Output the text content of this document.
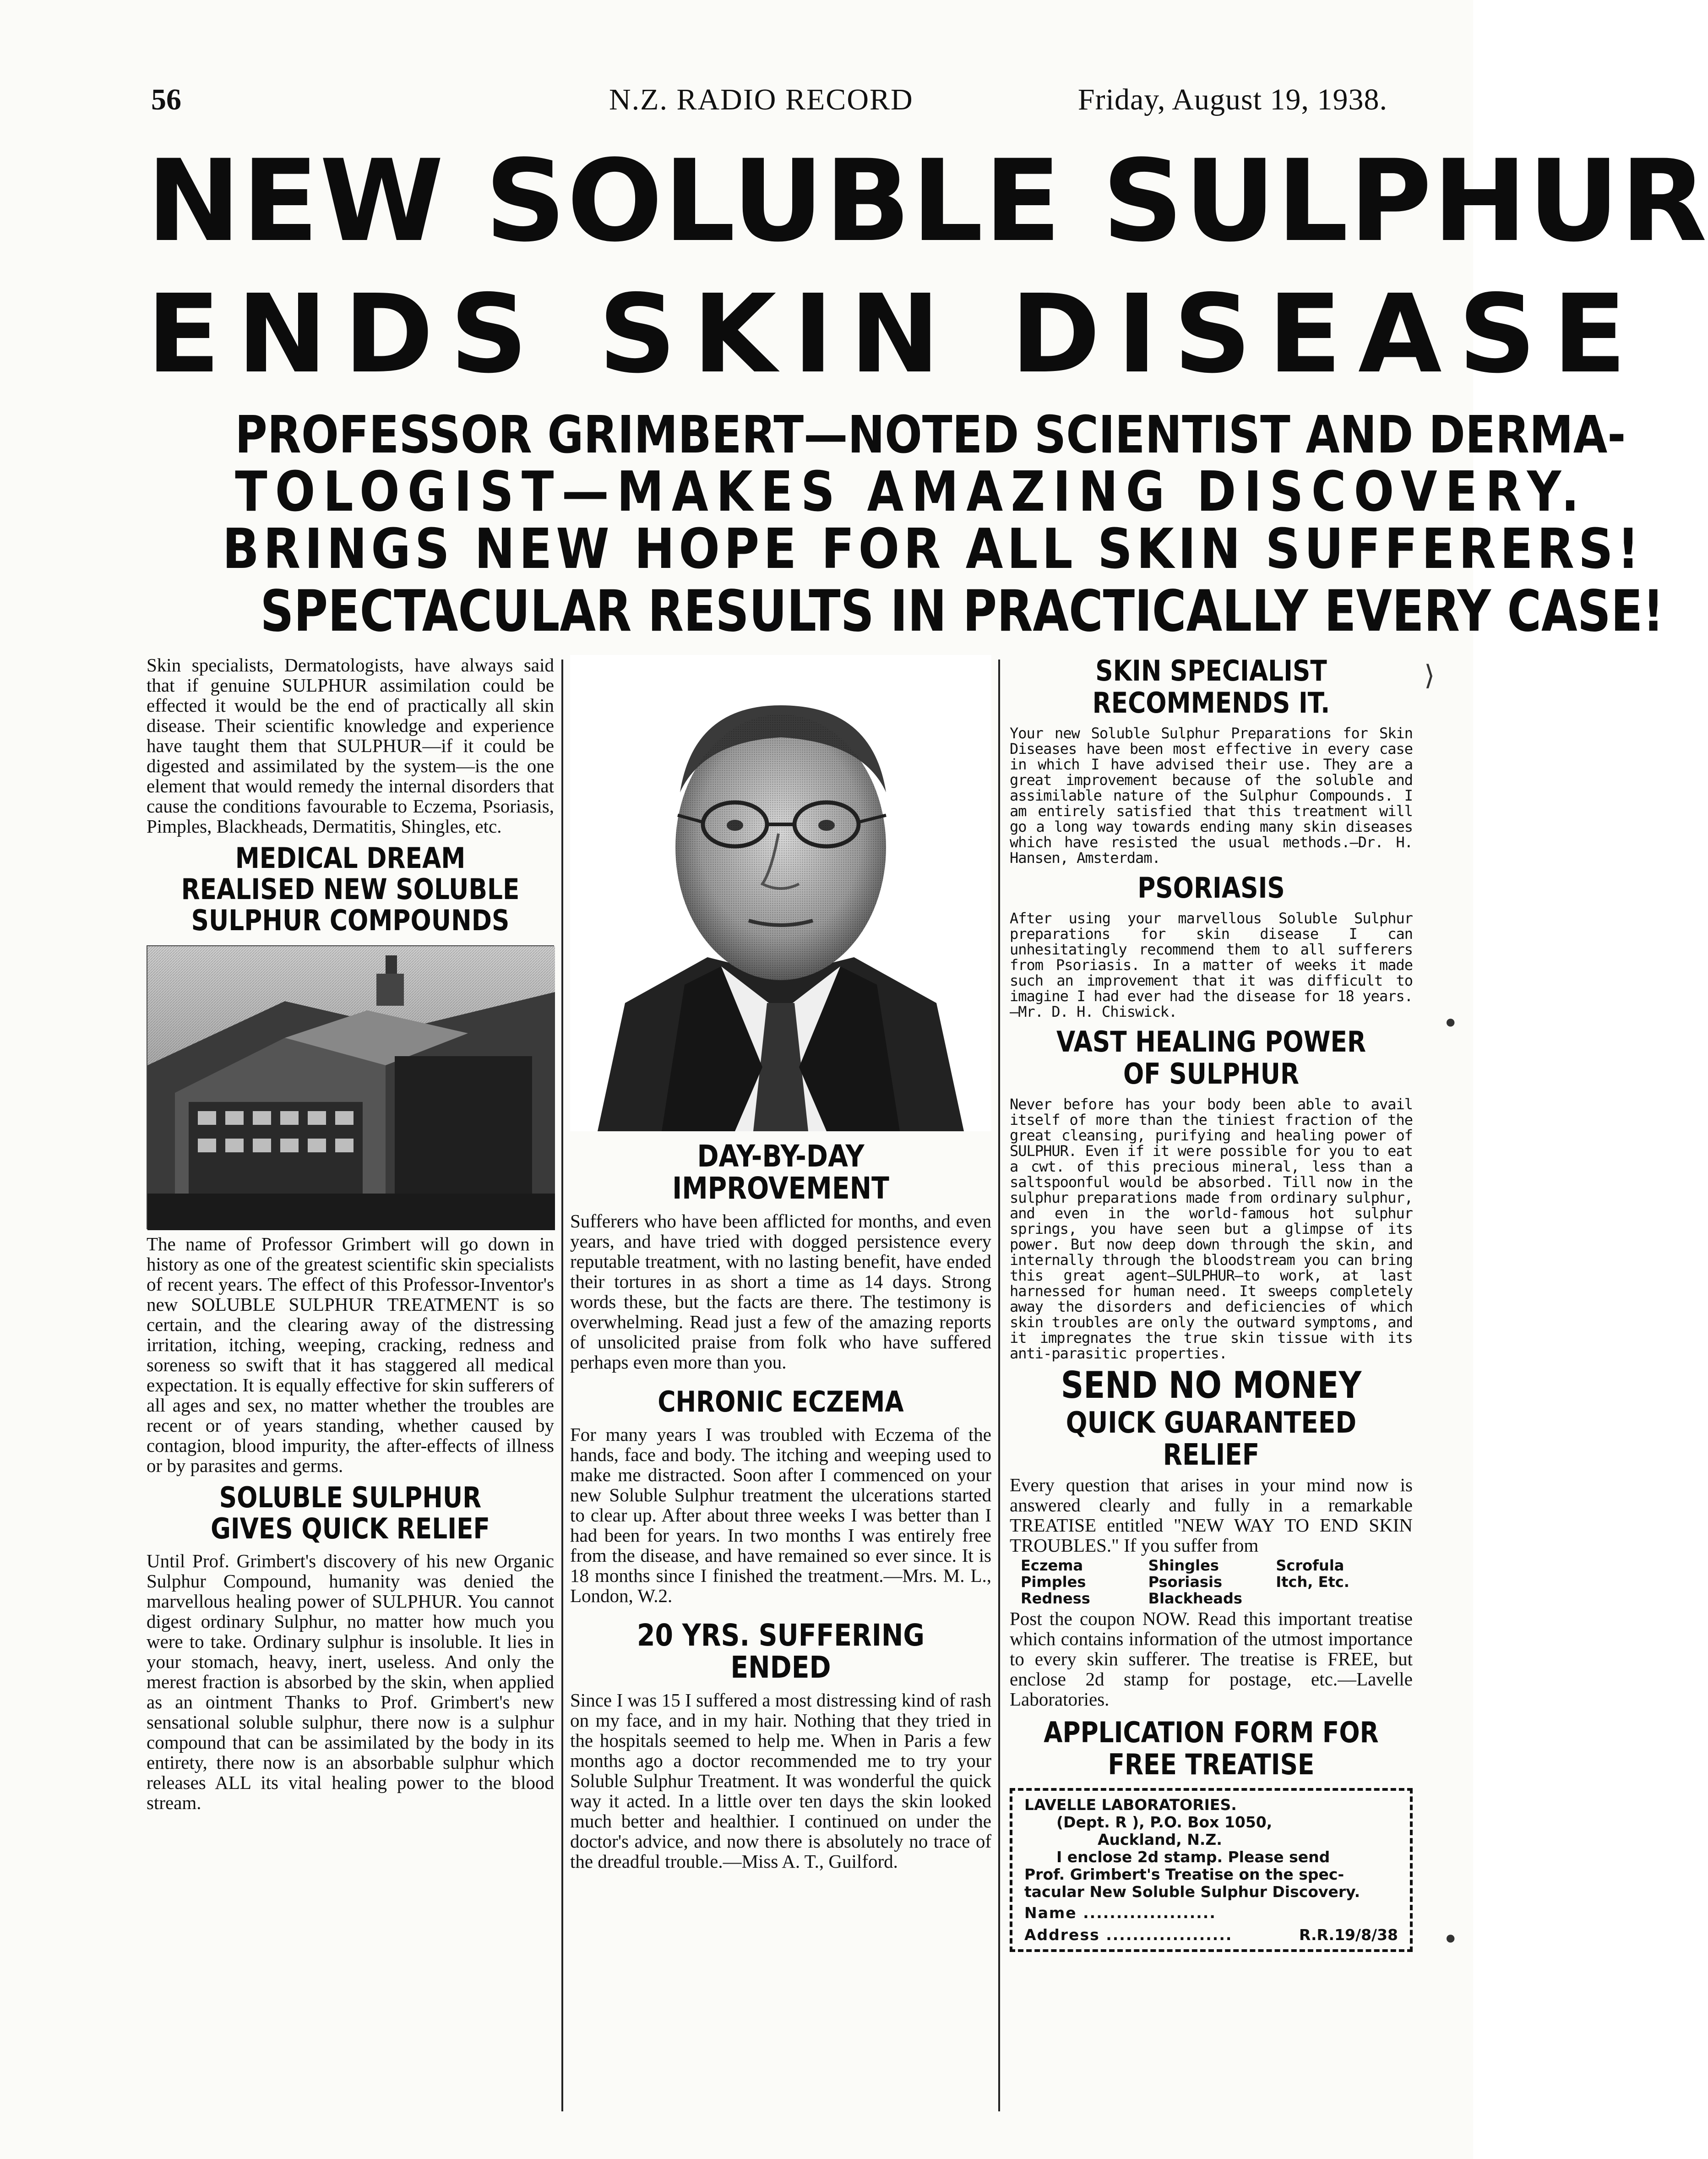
56	N.Z. RADIO RECORD	Friday, August 19, 1938.
NEW SOLUBLE SULPHUR
ENDS SKIN DISEASE
PROFESSOR GRIMBERT—NOTED SCIENTIST AND DERMA-
TOLOGIST—MAKES AMAZING DISCOVERY.
BRINGS NEW HOPE FOR ALL SKIN SUFFERERS!
SPECTACULAR RESULTS IN PRACTICALLY EVERY CASE!

Skin specialists, Dermatologists, have always said that if genuine SULPHUR assimilation could be effected it would be the end of practically all skin disease. Their scientific knowledge and experience have taught them that SULPHUR—if it could be digested and assimilated by the system—is the one element that would remedy the internal disorders that cause the conditions favourable to Eczema, Psoriasis, Pimples, Blackheads, Dermatitis, Shingles, etc.

MEDICAL DREAM REALISED NEW SOLUBLE SULPHUR COMPOUNDS

The name of Professor Grimbert will go down in history as one of the greatest scientific skin specialists of recent years. The effect of this Professor-Inventor's new SOLUBLE SULPHUR TREATMENT is so certain, and the clearing away of the distressing irritation, itching, weeping, cracking, redness and soreness so swift that it has staggered all medical expectation. It is equally effective for skin sufferers of all ages and sex, no matter whether the troubles are recent or of years standing, whether caused by contagion, blood impurity, the after-effects of illness or by parasites and germs.

SOLUBLE SULPHUR GIVES QUICK RELIEF

Until Prof. Grimbert's discovery of his new Organic Sulphur Compound, humanity was denied the marvellous healing power of SULPHUR. You cannot digest ordinary Sulphur, no matter how much you were to take. Ordinary sulphur is insoluble. It lies in your stomach, heavy, inert, useless. And only the merest fraction is absorbed by the skin, when applied as an ointment Thanks to Prof. Grimbert's new sensational soluble sulphur, there now is a sulphur compound that can be assimilated by the body in its entirety, there now is an absorbable sulphur which releases ALL its vital healing power to the blood stream.

DAY-BY-DAY IMPROVEMENT

Sufferers who have been afflicted for months, and even years, and have tried with dogged persistence every reputable treatment, with no lasting benefit, have ended their tortures in as short a time as 14 days. Strong words these, but the facts are there. The testimony is overwhelming. Read just a few of the amazing reports of unsolicited praise from folk who have suffered perhaps even more than you.

CHRONIC ECZEMA

For many years I was troubled with Eczema of the hands, face and body. The itching and weeping used to make me distracted. Soon after I commenced on your new Soluble Sulphur treatment the ulcerations started to clear up. After about three weeks I was better than I had been for years. In two months I was entirely free from the disease, and have remained so ever since. It is 18 months since I finished the treatment.—Mrs. M. L., London, W.2.

20 YRS. SUFFERING ENDED

Since I was 15 I suffered a most distressing kind of rash on my face, and in my hair. Nothing that they tried in the hospitals seemed to help me. When in Paris a few months ago a doctor recommended me to try your Soluble Sulphur Treatment. It was wonderful the quick way it acted. In a little over ten days the skin looked much better and healthier. I continued on under the doctor's advice, and now there is absolutely no trace of the dreadful trouble.—Miss A. T., Guilford.

SKIN SPECIALIST RECOMMENDS IT.

Your new Soluble Sulphur Preparations for Skin Diseases have been most effective in every case in which I have advised their use. They are a great improvement because of the soluble and assimilable nature of the Sulphur Compounds. I am entirely satisfied that this treatment will go a long way towards ending many skin diseases which have resisted the usual methods.—Dr. H. Hansen, Amsterdam.

PSORIASIS

After using your marvellous Soluble Sulphur preparations for skin disease I can unhesitatingly recommend them to all sufferers from Psoriasis. In a matter of weeks it made such an improvement that it was difficult to imagine I had ever had the disease for 18 years.—Mr. D. H. Chiswick.

VAST HEALING POWER OF SULPHUR

Never before has your body been able to avail itself of more than the tiniest fraction of the great cleansing, purifying and healing power of SULPHUR. Even if it were possible for you to eat a cwt. of this precious mineral, less than a saltspoonful would be absorbed. Till now in the sulphur preparations made from ordinary sulphur, and even in the world-famous hot sulphur springs, you have seen but a glimpse of its power. But now deep down through the skin, and internally through the bloodstream you can bring this great agent—SULPHUR—to work, at last harnessed for human need. It sweeps completely away the disorders and deficiencies of which skin troubles are only the outward symptoms, and it impregnates the true skin tissue with its anti-parasitic properties.

SEND NO MONEY
QUICK GUARANTEED RELIEF

Every question that arises in your mind now is answered clearly and fully in a remarkable TREATISE entitled "NEW WAY TO END SKIN TROUBLES." If you suffer from

Eczema	Shingles	Scrofula
Pimples	Psoriasis	Itch, Etc.
Redness	Blackheads

Post the coupon NOW. Read this important treatise which contains information of the utmost importance to every skin sufferer. The treatise is FREE, but enclose 2d stamp for postage, etc.—Lavelle Laboratories.

APPLICATION FORM FOR FREE TREATISE
LAVELLE LABORATORIES.
(Dept. R ), P.O. Box 1050,
Auckland, N.Z.
I enclose 2d stamp. Please send
Prof. Grimbert's Treatise on the spec-
tacular New Soluble Sulphur Discovery.
Name ....................
Address ...................	R.R.19/8/38
⟩
•
•
